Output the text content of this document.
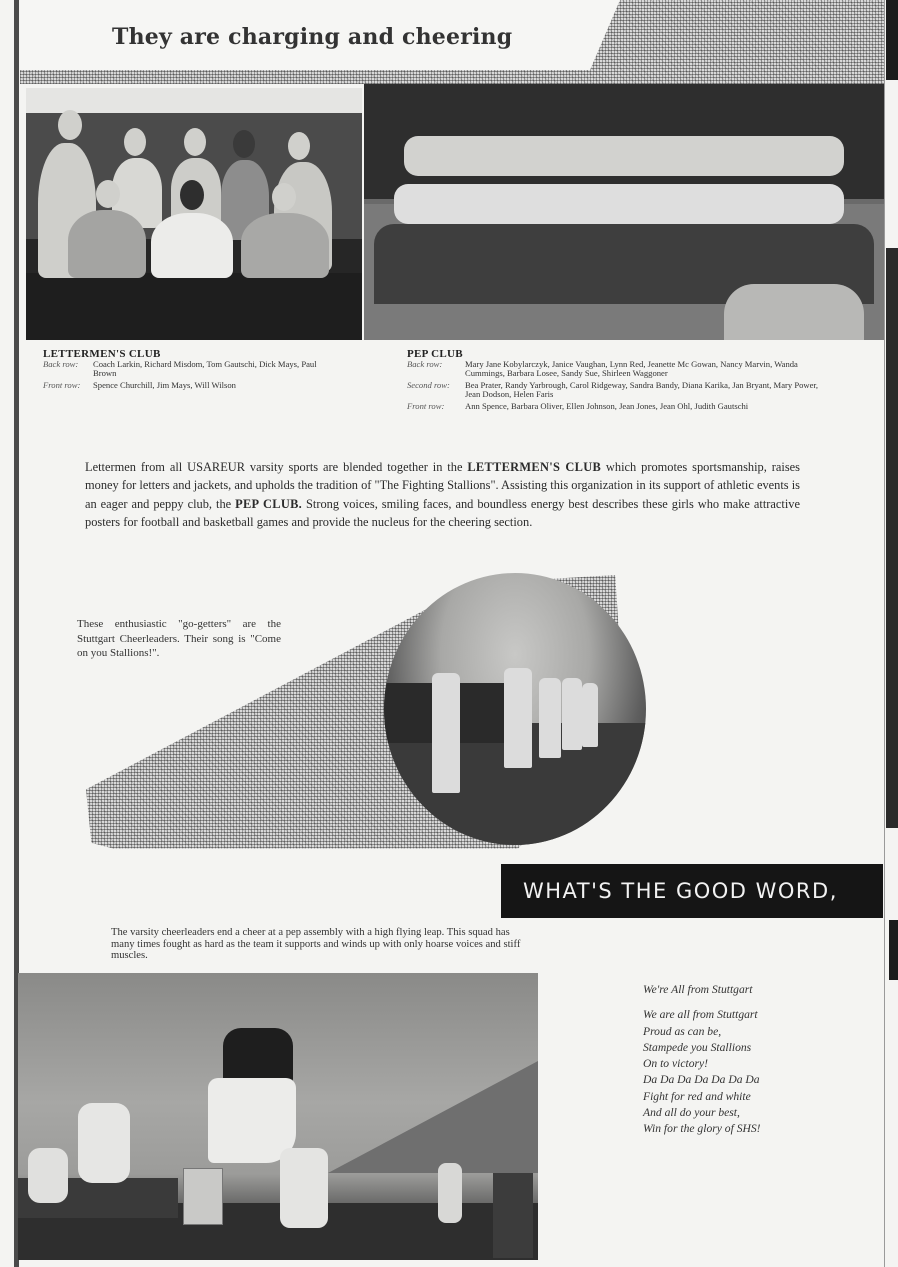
They are charging and cheering
LETTERMEN'S CLUB
Back row:	Coach Larkin, Richard Misdom, Tom Gautschi, Dick Mays, Paul Brown
Front row:	Spence Churchill, Jim Mays, Will Wilson
PEP CLUB
Back row:	Mary Jane Kobylarczyk, Janice Vaughan, Lynn Red, Jeanette Mc Gowan, Nancy Marvin, Wanda Cummings, Barbara Losee, Sandy Sue, Shirleen Waggoner
Second row:	Bea Prater, Randy Yarbrough, Carol Ridgeway, Sandra Bandy, Diana Karika, Jan Bryant, Mary Power, Jean Dodson, Helen Faris
Front row:	Ann Spence, Barbara Oliver, Ellen Johnson, Jean Jones, Jean Ohl, Judith Gautschi
Lettermen from all USAREUR varsity sports are blended together in the LETTERMEN'S CLUB which promotes sportsmanship, raises money for letters and jackets, and upholds the tradition of "The Fighting Stallions". Assisting this organization in its support of athletic events is an eager and peppy club, the PEP CLUB. Strong voices, smiling faces, and boundless energy best describes these girls who make attractive posters for football and basketball games and provide the nucleus for the cheering section.
These enthusiastic "go-getters" are the Stuttgart Cheerleaders. Their song is "Come on you Stallions!".
WHAT'S THE GOOD WORD,
The varsity cheerleaders end a cheer at a pep assembly with a high flying leap. This squad has many times fought as hard as the team it supports and winds up with only hoarse voices and stiff muscles.
We're All from Stuttgart
We are all from Stuttgart
Proud as can be,
Stampede you Stallions
On to victory!
Da Da Da Da Da Da Da
Fight for red and white
And all do your best,
Win for the glory of SHS!
